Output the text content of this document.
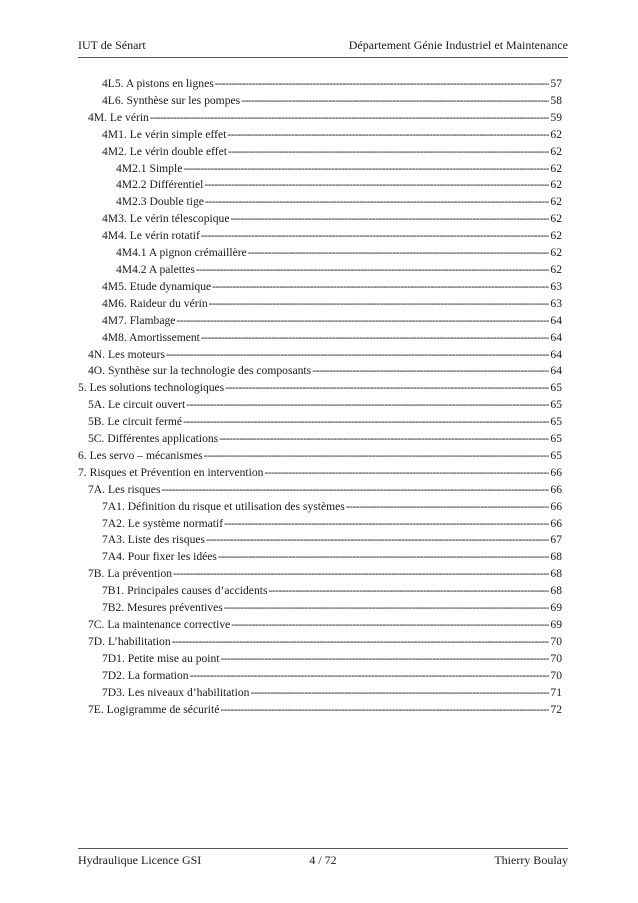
IUT de Sénart	Département Génie Industriel et Maintenance
4L5. A pistons en lignes -----	57
4L6. Synthèse sur les pompes -----	58
4M. Le vérin -----	59
4M1. Le vérin simple effet -----	62
4M2. Le vérin double effet -----	62
4M2.1 Simple -----	62
4M2.2 Différentiel -----	62
4M2.3 Double tige -----	62
4M3. Le vérin télescopique -----	62
4M4. Le vérin rotatif -----	62
4M4.1 A pignon crémaillère -----	62
4M4.2 A palettes -----	62
4M5. Etude dynamique -----	63
4M6. Raideur du vérin -----	63
4M7. Flambage -----	64
4M8. Amortissement -----	64
4N. Les moteurs -----	64
4O. Synthèse sur la technologie des composants -----	64
5. Les solutions technologiques -----	65
5A. Le circuit ouvert -----	65
5B. Le circuit fermé -----	65
5C. Différentes applications -----	65
6. Les servo – mécanismes -----	65
7. Risques et Prévention en intervention -----	66
7A. Les risques -----	66
7A1. Définition du risque et utilisation des systèmes -----	66
7A2. Le système normatif -----	66
7A3. Liste des risques -----	67
7A4. Pour fixer les idées -----	68
7B. La prévention -----	68
7B1. Principales causes d’accidents -----	68
7B2. Mesures préventives -----	69
7C. La maintenance corrective -----	69
7D. L’habilitation -----	70
7D1. Petite mise au point -----	70
7D2. La formation -----	70
7D3. Les niveaux d’habilitation -----	71
7E. Logigramme de sécurité -----	72
Hydraulique Licence GSI	4 / 72	Thierry Boulay
